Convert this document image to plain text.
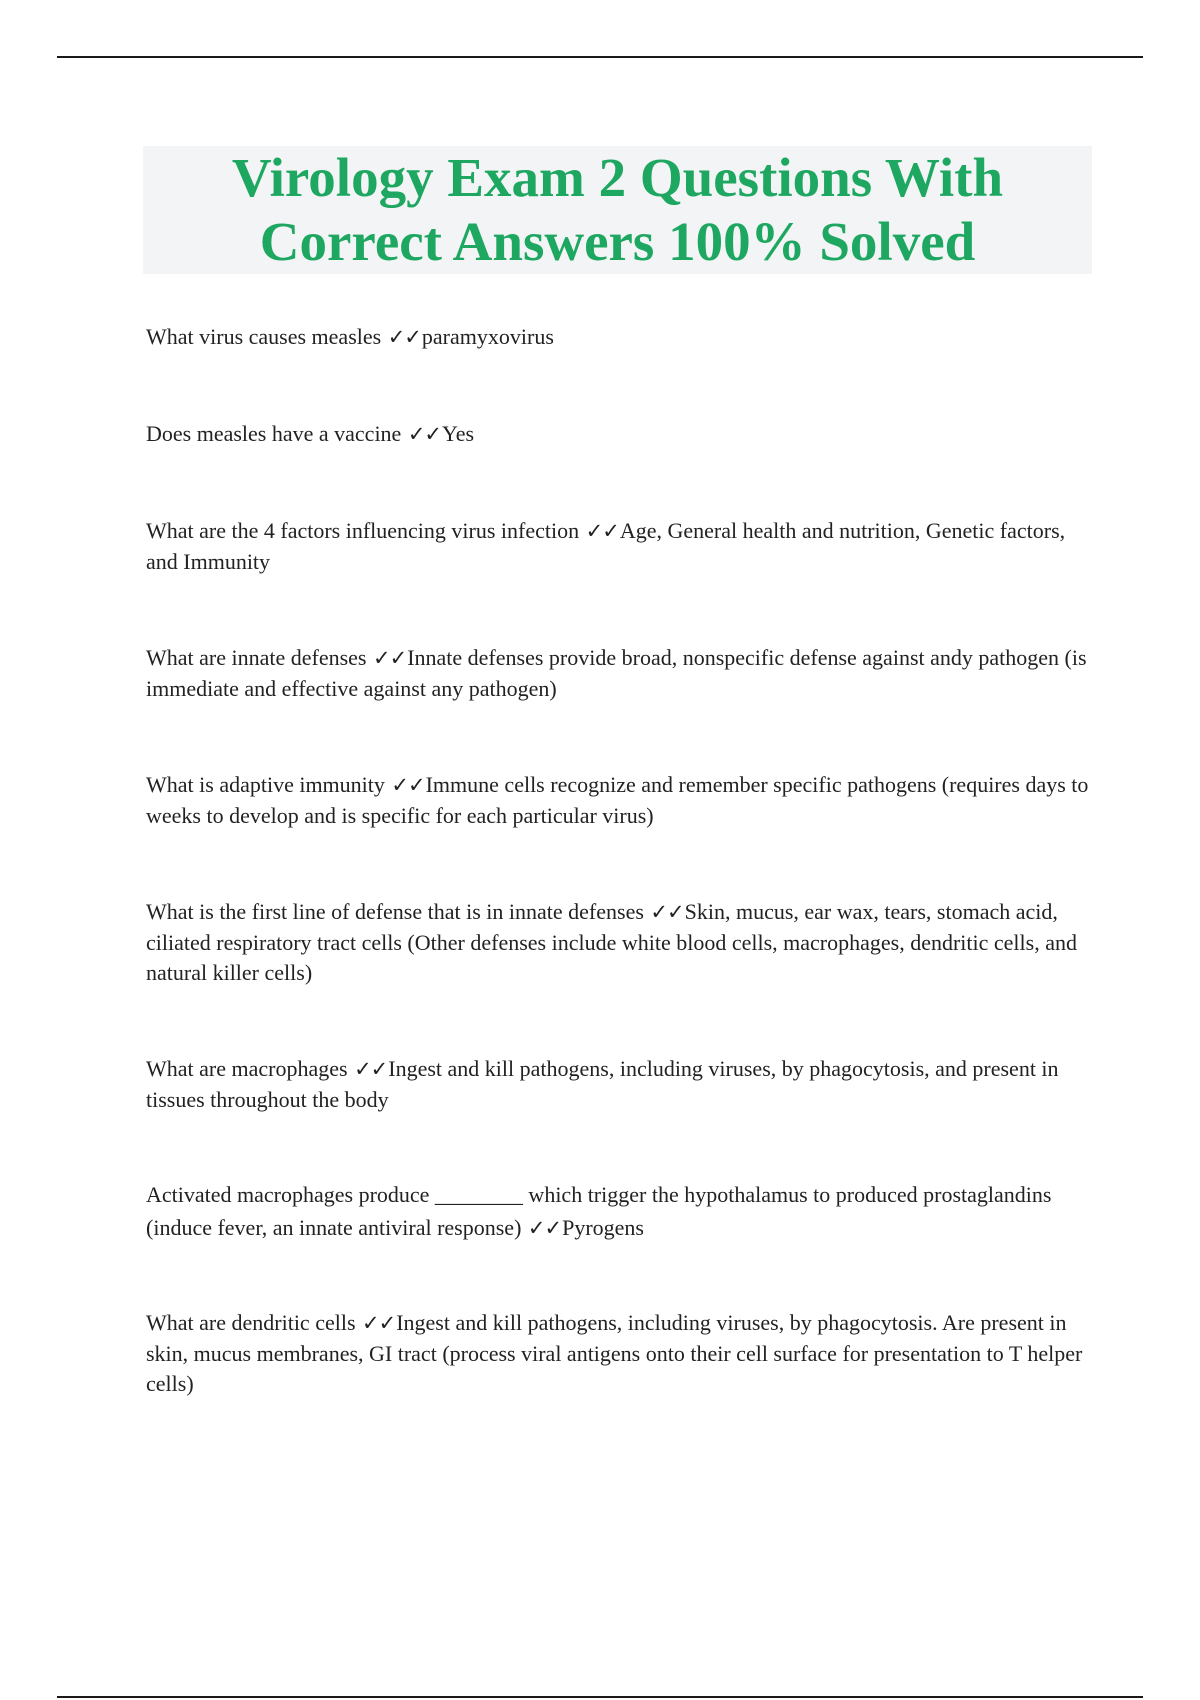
Virology Exam 2 Questions With
Correct Answers 100% Solved

What virus causes measles ✓✓paramyxovirus

Does measles have a vaccine ✓✓Yes

What are the 4 factors influencing virus infection ✓✓Age, General health and nutrition, Genetic factors, and Immunity

What are innate defenses ✓✓Innate defenses provide broad, nonspecific defense against andy pathogen (is immediate and effective against any pathogen)

What is adaptive immunity ✓✓Immune cells recognize and remember specific pathogens (requires days to weeks to develop and is specific for each particular virus)

What is the first line of defense that is in innate defenses ✓✓Skin, mucus, ear wax, tears, stomach acid, ciliated respiratory tract cells (Other defenses include white blood cells, macrophages, dendritic cells, and natural killer cells)

What are macrophages ✓✓Ingest and kill pathogens, including viruses, by phagocytosis, and present in tissues throughout the body

Activated macrophages produce ________ which trigger the hypothalamus to produced prostaglandins (induce fever, an innate antiviral response) ✓✓Pyrogens

What are dendritic cells ✓✓Ingest and kill pathogens, including viruses, by phagocytosis. Are present in skin, mucus membranes, GI tract (process viral antigens onto their cell surface for presentation to T helper cells)
